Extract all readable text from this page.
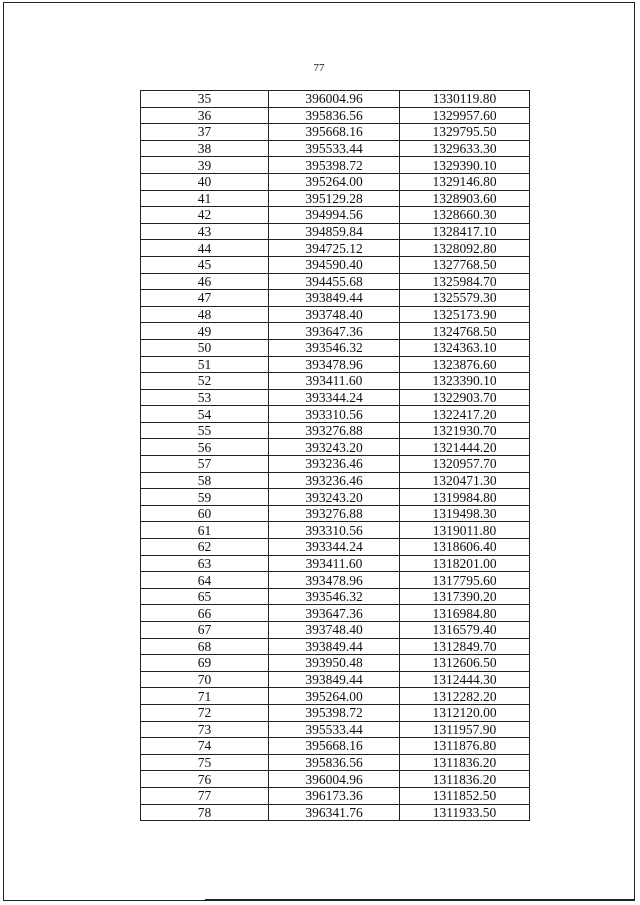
77
35	396004.96	1330119.80
36	395836.56	1329957.60
37	395668.16	1329795.50
38	395533.44	1329633.30
39	395398.72	1329390.10
40	395264.00	1329146.80
41	395129.28	1328903.60
42	394994.56	1328660.30
43	394859.84	1328417.10
44	394725.12	1328092.80
45	394590.40	1327768.50
46	394455.68	1325984.70
47	393849.44	1325579.30
48	393748.40	1325173.90
49	393647.36	1324768.50
50	393546.32	1324363.10
51	393478.96	1323876.60
52	393411.60	1323390.10
53	393344.24	1322903.70
54	393310.56	1322417.20
55	393276.88	1321930.70
56	393243.20	1321444.20
57	393236.46	1320957.70
58	393236.46	1320471.30
59	393243.20	1319984.80
60	393276.88	1319498.30
61	393310.56	1319011.80
62	393344.24	1318606.40
63	393411.60	1318201.00
64	393478.96	1317795.60
65	393546.32	1317390.20
66	393647.36	1316984.80
67	393748.40	1316579.40
68	393849.44	1312849.70
69	393950.48	1312606.50
70	393849.44	1312444.30
71	395264.00	1312282.20
72	395398.72	1312120.00
73	395533.44	1311957.90
74	395668.16	1311876.80
75	395836.56	1311836.20
76	396004.96	1311836.20
77	396173.36	1311852.50
78	396341.76	1311933.50
